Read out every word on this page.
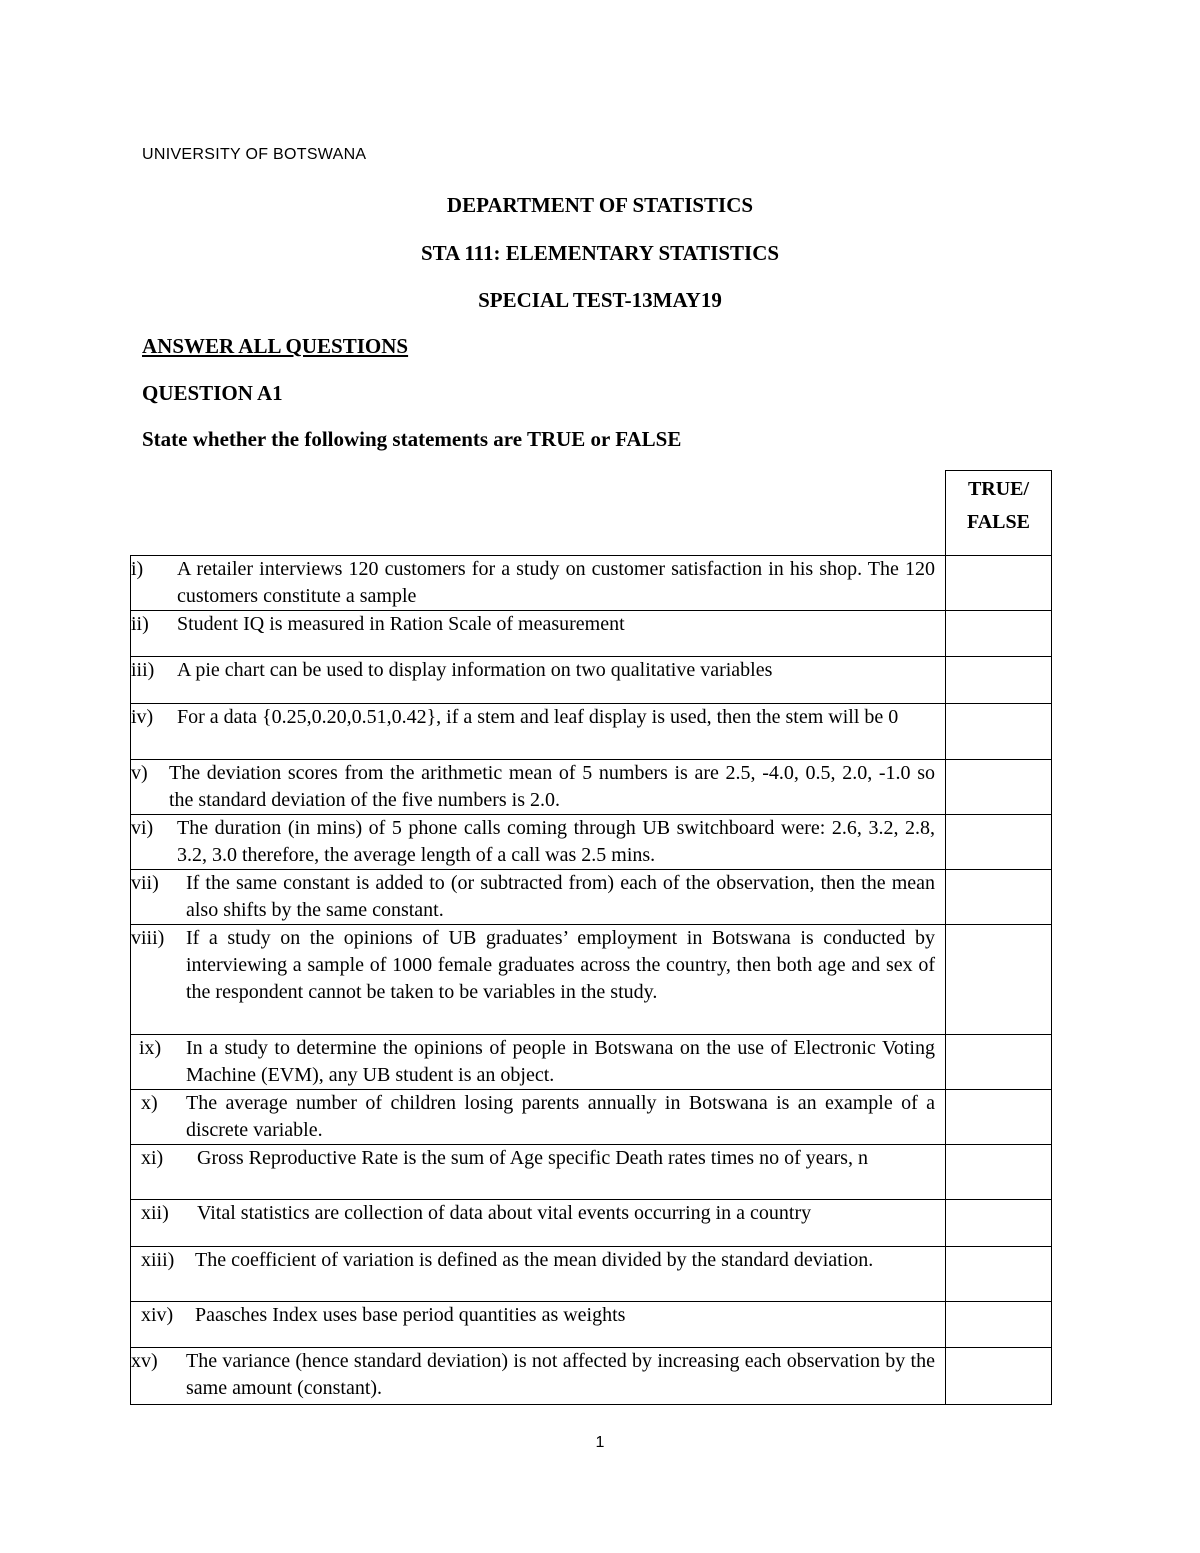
UNIVERSITY OF BOTSWANA
DEPARTMENT OF STATISTICS
STA 111: ELEMENTARY STATISTICS
SPECIAL TEST-13MAY19
ANSWER ALL QUESTIONS
QUESTION A1
State whether the following statements are TRUE or FALSE

	TRUE/
FALSE

i) A retailer interviews 120 customers for a study on customer satisfaction in his shop. The 120 customers constitute a sample	

ii) Student IQ is measured in Ration Scale of measurement	

iii) A pie chart can be used to display information on two qualitative variables	

iv) For a data {0.25,0.20,0.51,0.42}, if a stem and leaf display is used, then the stem will be 0	

v) The deviation scores from the arithmetic mean of 5 numbers is are 2.5, -4.0, 0.5, 2.0, -1.0 so the standard deviation of the five numbers is 2.0.	

vi) The duration (in mins) of 5 phone calls coming through UB switchboard were: 2.6, 3.2, 2.8, 3.2, 3.0 therefore, the average length of a call was 2.5 mins.	

vii) If the same constant is added to (or subtracted from) each of the observation, then the mean also shifts by the same constant.	

viii) If a study on the opinions of UB graduates’ employment in Botswana is conducted by interviewing a sample of 1000 female graduates across the country, then both age and sex of the respondent cannot be taken to be variables in the study.	

ix) In a study to determine the opinions of people in Botswana on the use of Electronic Voting Machine (EVM), any UB student is an object.	

x) The average number of children losing parents annually in Botswana is an example of a discrete variable.	

xi) Gross Reproductive Rate is the sum of Age specific Death rates times no of years, n	

xii) Vital statistics are collection of data about vital events occurring in a country	

xiii) The coefficient of variation is defined as the mean divided by the standard deviation.	

xiv) Paasches Index uses base period quantities as weights	

xv) The variance (hence standard deviation) is not affected by increasing each observation by the same amount (constant).	

1
